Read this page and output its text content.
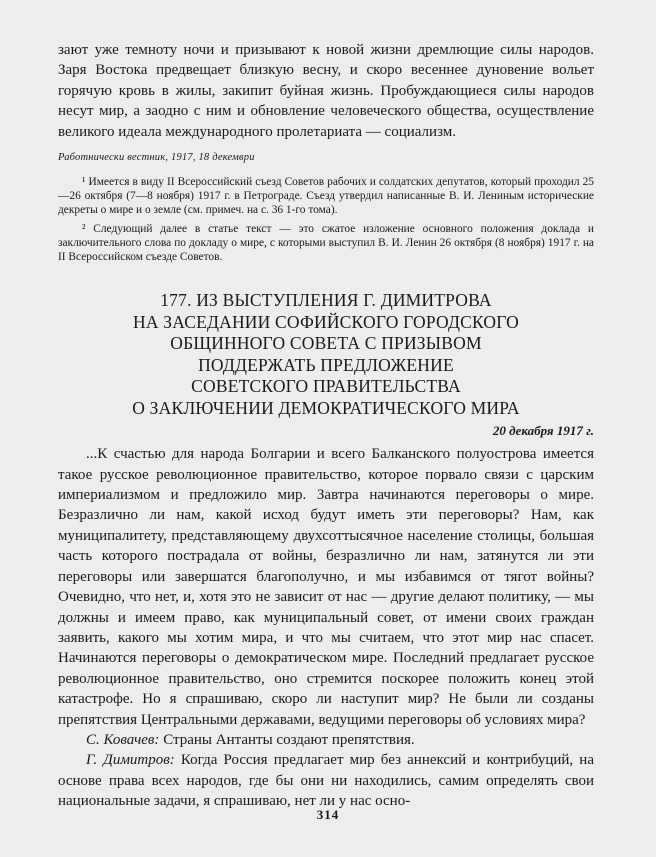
зают уже темноту ночи и призывают к новой жизни дремлющие силы народов. Заря Востока предвещает близкую весну, и скоро весеннее дуновение вольет горячую кровь в жилы, закипит буйная жизнь. Пробуждающиеся силы народов несут мир, а заодно с ним и обновление человеческого общества, осуществление великого идеала международного пролетариата — социализм.

Работнически вестник, 1917, 18 декември

¹ Имеется в виду II Всероссийский съезд Советов рабочих и солдатских депутатов, который проходил 25—26 октября (7—8 ноября) 1917 г. в Петрограде. Съезд утвердил написанные В. И. Лениным исторические декреты о мире и о земле (см. примеч. на с. 36 1-го тома).

² Следующий далее в статье текст — это сжатое изложение основного положения доклада и заключительного слова по докладу о мире, с которыми выступил В. И. Ленин 26 октября (8 ноября) 1917 г. на II Всероссийском съезде Советов.

177. ИЗ ВЫСТУПЛЕНИЯ Г. ДИМИТРОВА
НА ЗАСЕДАНИИ СОФИЙСКОГО ГОРОДСКОГО
ОБЩИННОГО СОВЕТА С ПРИЗЫВОМ
ПОДДЕРЖАТЬ ПРЕДЛОЖЕНИЕ
СОВЕТСКОГО ПРАВИТЕЛЬСТВА
О ЗАКЛЮЧЕНИИ ДЕМОКРАТИЧЕСКОГО МИРА
20 декабря 1917 г.

...К счастью для народа Болгарии и всего Балканского полуострова имеется такое русское революционное правительство, которое порвало связи с царским империализмом и предложило мир. Завтра начинаются переговоры о мире. Безразлично ли нам, какой исход будут иметь эти переговоры? Нам, как муниципалитету, представляющему двухсоттысячное население столицы, большая часть которого пострадала от войны, безразлично ли нам, затянутся ли эти переговоры или завершатся благополучно, и мы избавимся от тягот войны? Очевидно, что нет, и, хотя это не зависит от нас — другие делают политику, — мы должны и имеем право, как муниципальный совет, от имени своих граждан заявить, какого мы хотим мира, и что мы считаем, что этот мир нас спасет. Начинаются переговоры о демократическом мире. Последний предлагает русское революционное правительство, оно стремится поскорее положить конец этой катастрофе. Но я спрашиваю, скоро ли наступит мир? Не были ли созданы препятствия Центральными державами, ведущими переговоры об условиях мира?

С. Ковачев: Страны Антанты создают препятствия.

Г. Димитров: Когда Россия предлагает мир без аннексий и контрибуций, на основе права всех народов, где бы они ни находились, самим определять свои национальные задачи, я спрашиваю, нет ли у нас осно-

314
